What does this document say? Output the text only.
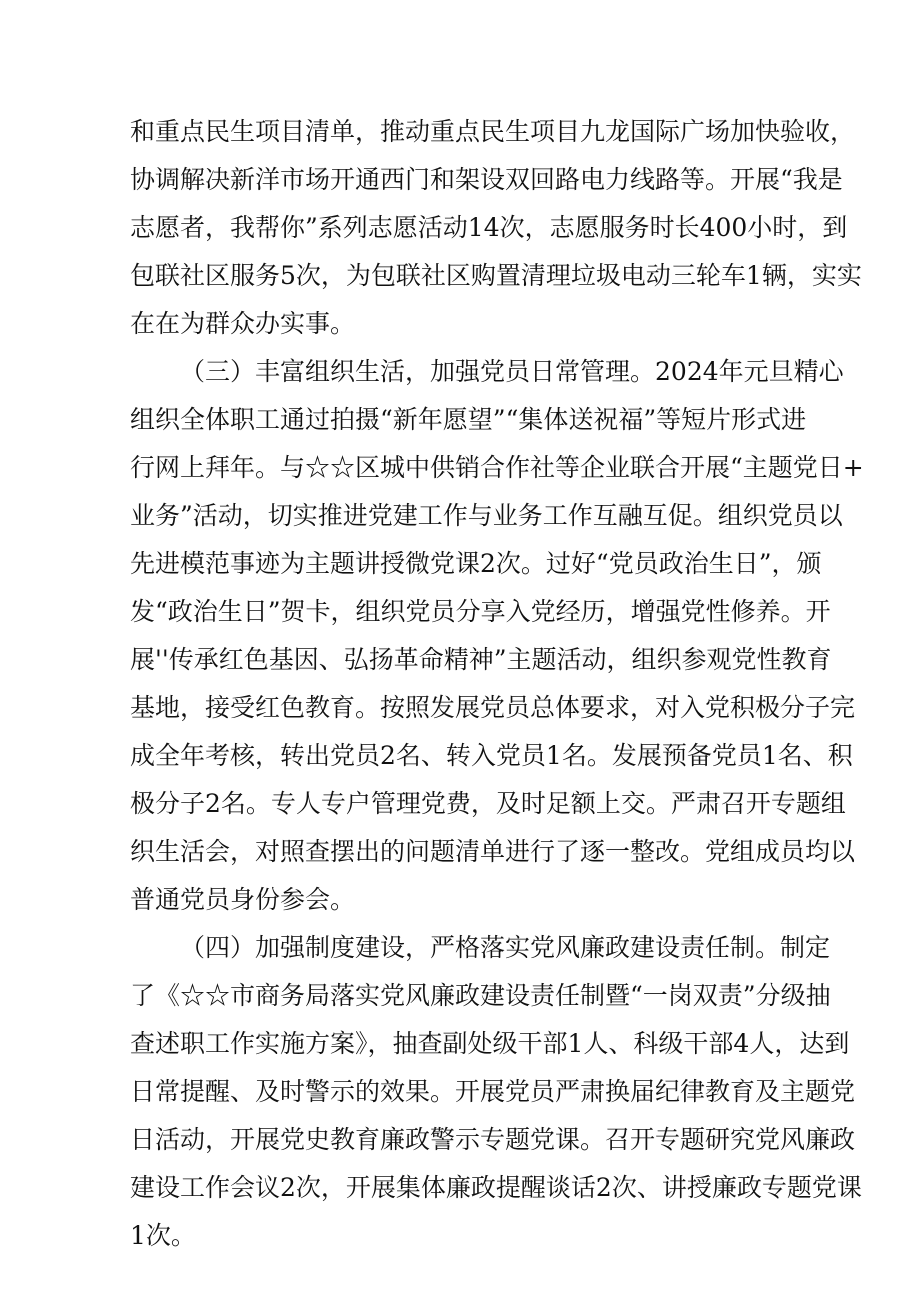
和重点民生项目清单，推动重点民生项目九龙国际广场加快验收，
协调解决新洋市场开通西门和架设双回路电力线路等。开展“我是
志愿者，我帮你”系列志愿活动14次，志愿服务时长400小时，到
包联社区服务5次，为包联社区购置清理垃圾电动三轮车1辆，实实
在在为群众办实事。
（三）丰富组织生活，加强党员日常管理。2024年元旦精心
组织全体职工通过拍摄“新年愿望”“集体送祝福”等短片形式进
行网上拜年。与☆☆区城中供销合作社等企业联合开展“主题党日+
业务”活动，切实推进党建工作与业务工作互融互促。组织党员以
先进模范事迹为主题讲授微党课2次。过好“党员政治生日”，颁
发“政治生日”贺卡，组织党员分享入党经历，增强党性修养。开
展''传承红色基因、弘扬革命精神”主题活动，组织参观党性教育
基地，接受红色教育。按照发展党员总体要求，对入党积极分子完
成全年考核，转出党员2名、转入党员1名。发展预备党员1名、积
极分子2名。专人专户管理党费，及时足额上交。严肃召开专题组
织生活会，对照查摆出的问题清单进行了逐一整改。党组成员均以
普通党员身份参会。
（四）加强制度建设，严格落实党风廉政建设责任制。制定
了《☆☆市商务局落实党风廉政建设责任制暨“一岗双责”分级抽
查述职工作实施方案》，抽查副处级干部1人、科级干部4人，达到
日常提醒、及时警示的效果。开展党员严肃换届纪律教育及主题党
日活动，开展党史教育廉政警示专题党课。召开专题研究党风廉政
建设工作会议2次，开展集体廉政提醒谈话2次、讲授廉政专题党课
1次。
